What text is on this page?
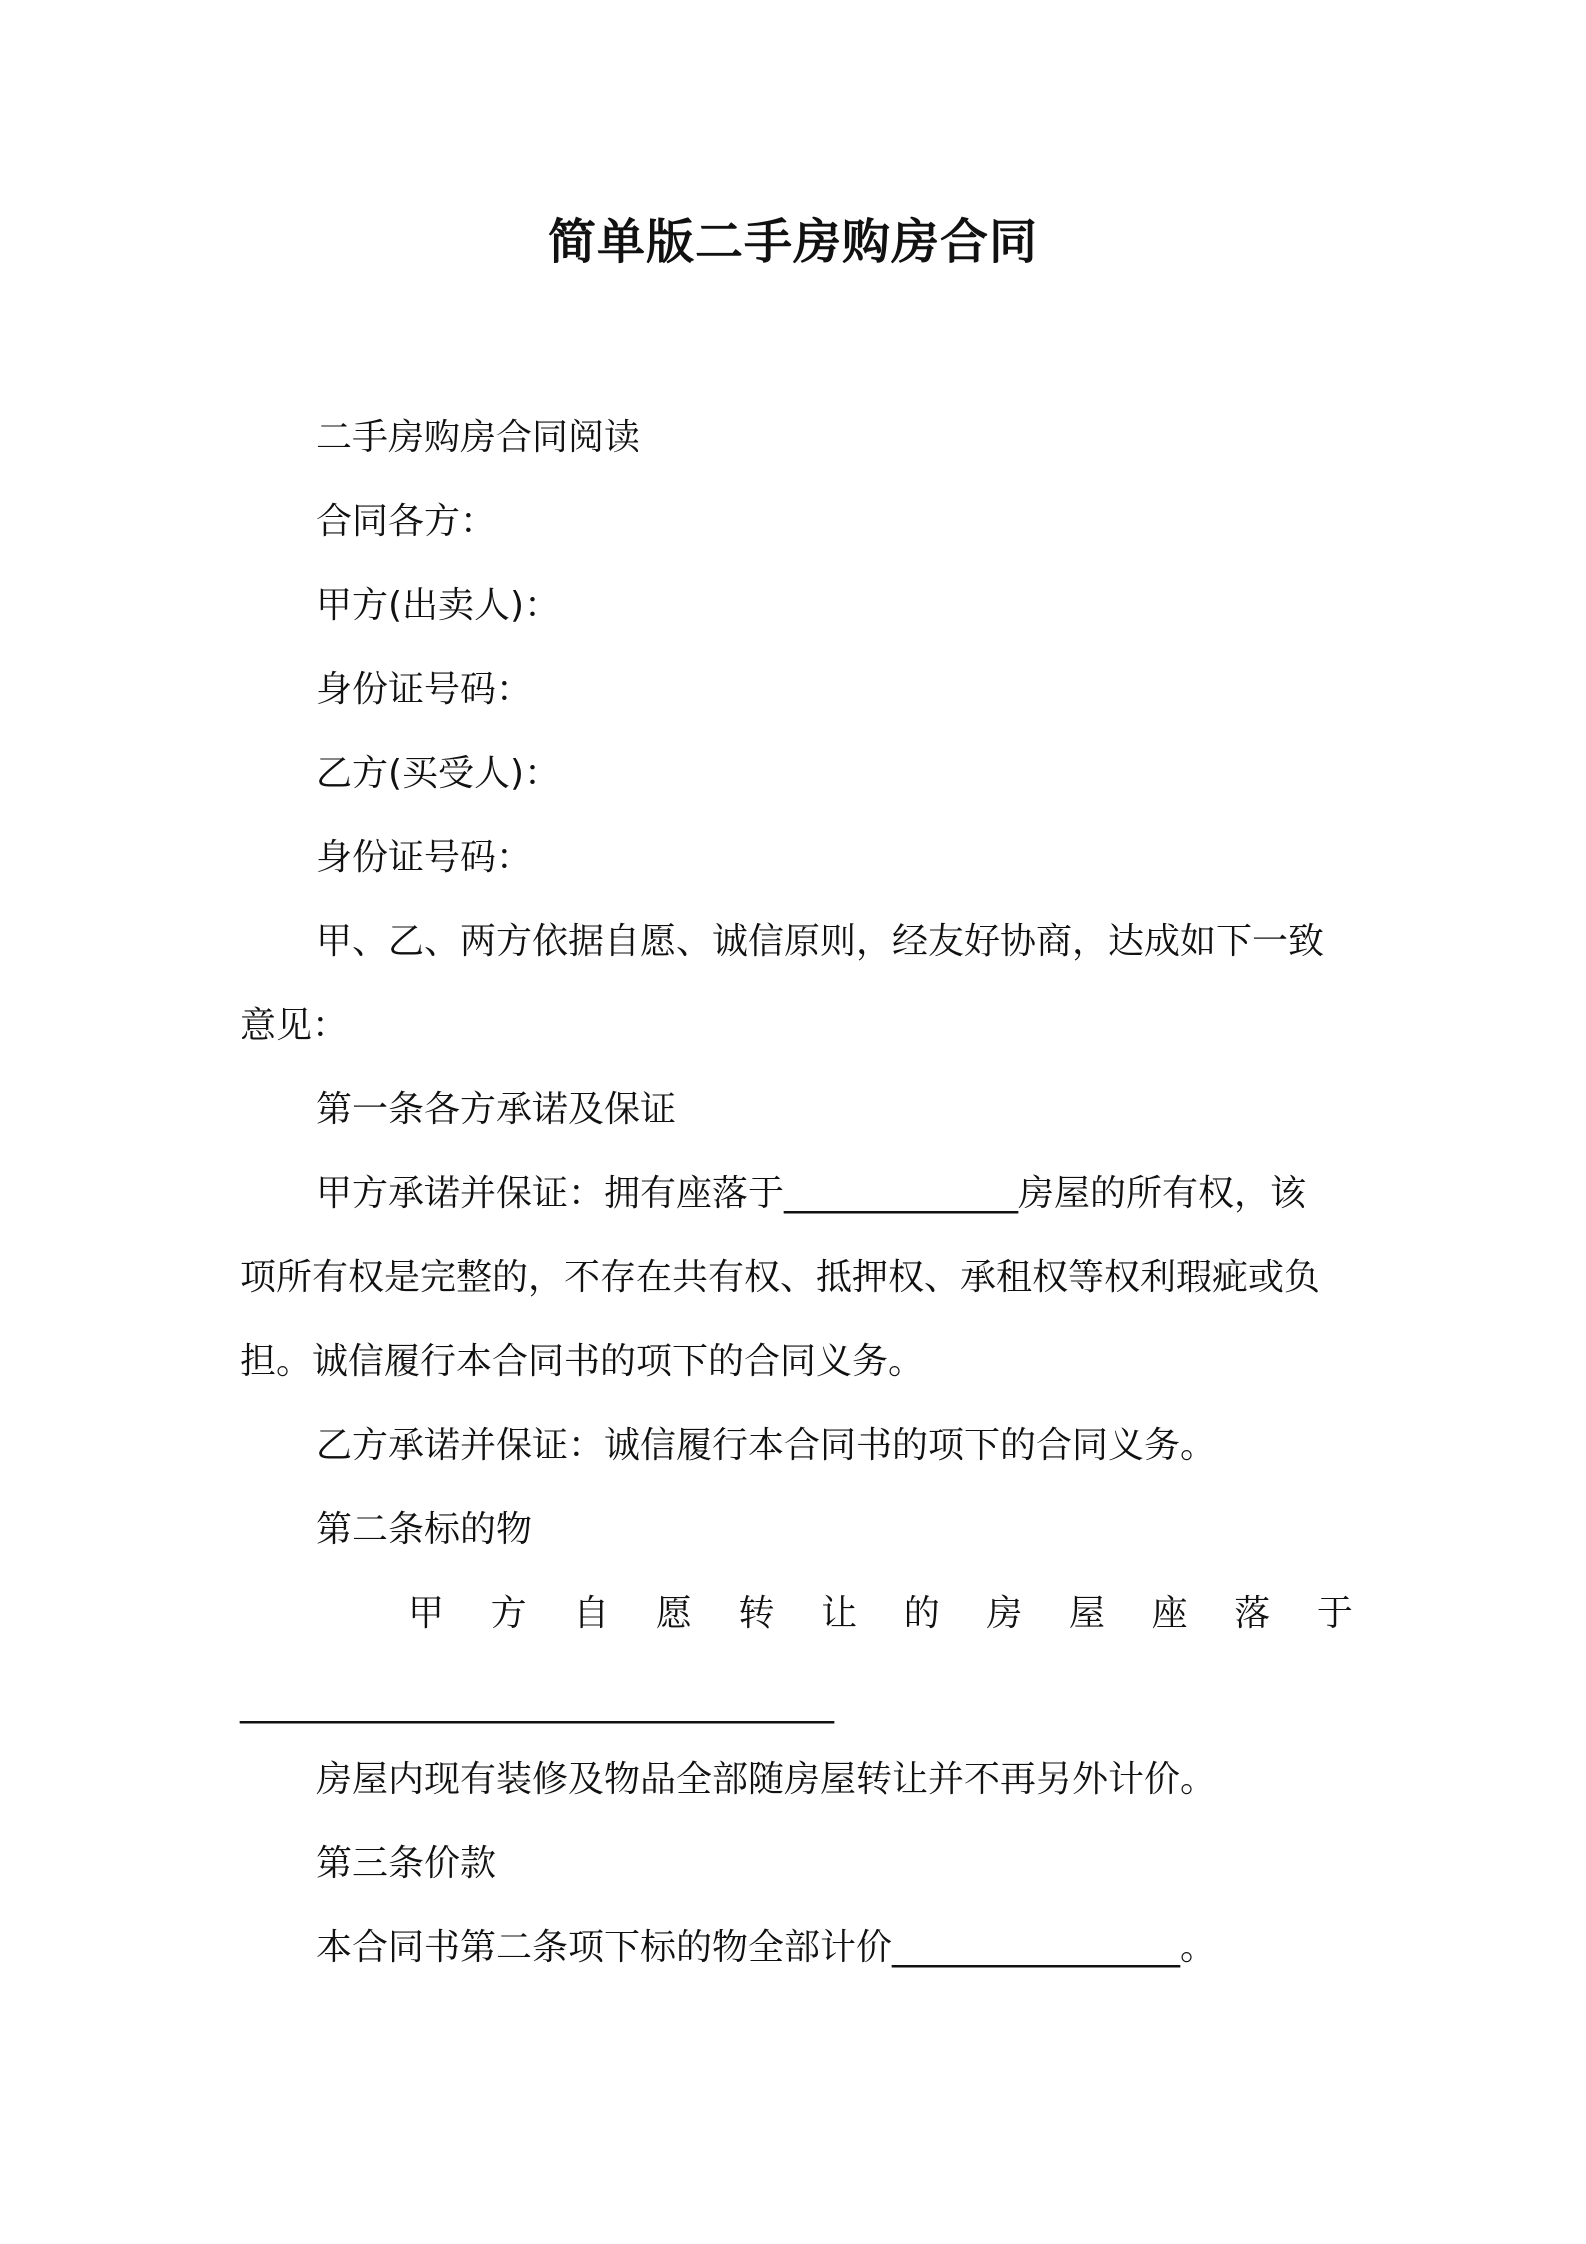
简单版二手房购房合同
二手房购房合同阅读
合同各方：
甲方(出卖人)：
身份证号码：
乙方(买受人)：
身份证号码：
甲、乙、两方依据自愿、诚信原则，经友好协商，达成如下一致
意见：
第一条各方承诺及保证
甲方承诺并保证：拥有座落于_____________房屋的所有权，该
项所有权是完整的，不存在共有权、抵押权、承租权等权利瑕疵或负
担。诚信履行本合同书的项下的合同义务。
乙方承诺并保证：诚信履行本合同书的项下的合同义务。
第二条标的物
甲 方 自 愿 转 让 的 房 屋 座 落 于
_________________________________
房屋内现有装修及物品全部随房屋转让并不再另外计价。
第三条价款
本合同书第二条项下标的物全部计价________________。
